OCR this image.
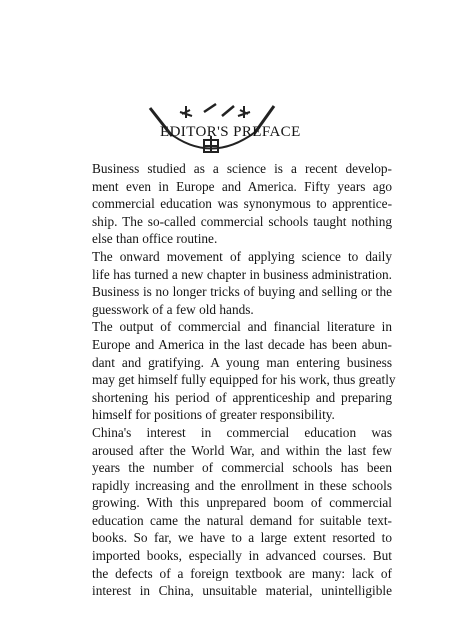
EDITOR'S PREFACE
Business studied as a science is a recent develop-
ment even in Europe and America. Fifty years ago
commercial education was synonymous to apprentice-
ship. The so-called commercial schools taught nothing
else than office routine.
The onward movement of applying science to daily
life has turned a new chapter in business administration.
Business is no longer tricks of buying and selling or the
guesswork of a few old hands.
The output of commercial and financial literature in
Europe and America in the last decade has been abun-
dant and gratifying. A young man entering business
may get himself fully equipped for his work, thus greatly
shortening his period of apprenticeship and preparing
himself for positions of greater responsibility.
China's interest in commercial education was
aroused after the World War, and within the last few
years the number of commercial schools has been
rapidly increasing and the enrollment in these schools
growing. With this unprepared boom of commercial
education came the natural demand for suitable text-
books. So far, we have to a large extent resorted to
imported books, especially in advanced courses. But
the defects of a foreign textbook are many: lack of
interest in China, unsuitable material, unintelligible
